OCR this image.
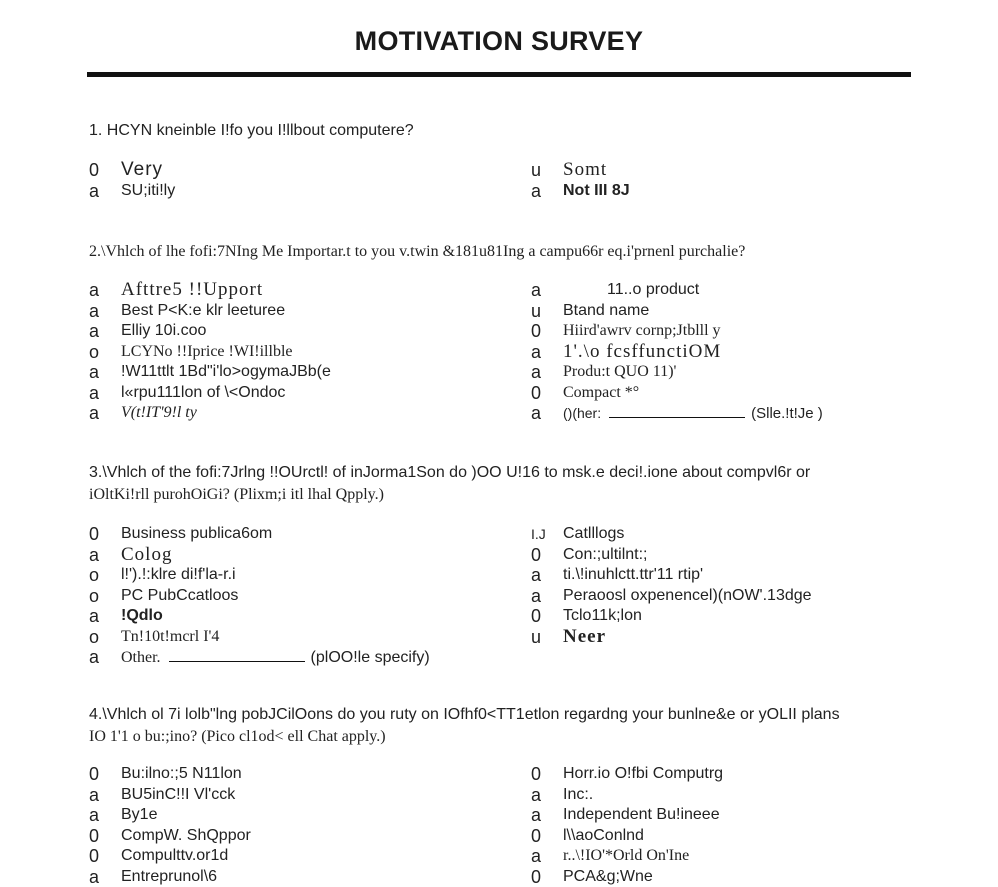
MOTIVATION SURVEY
1. HCYN kneinble I!fo you I!llbout computere?
0	Very
a	SU;iti!ly
u	Somt
a	Not III 8J
2.\Vhlch of lhe fofi:7NIng Me Importar.t to you v.twin &181u81Ing a campu66r eq.i'prnenl purchalie?
a	Afttre5 !!Upport
a	Best P<K:e klr leeturee
a	Elliy 10i.coo
o	LCYNo !!Iprice !WI!illble
a	!W11ttlt 1Bd"i'lo>ogymaJBb(e
a	l«rpu111lon of \<Ondoc
a	V(t!IT'9!l ty
a	11..o product
u	Btand name
0	Hiird'awrv cornp;Jtblll y
a	1'.\o fcsffunctiOM
a	Produ:t QUO 11)'
0	Compact *°
a	()(her:	(Slle.!t!Je )
3.\Vhlch of the fofi:7Jrlng !!OUrctl! of inJorma1Son do )OO U!16 to msk.e deci!.ione about compvl6r or
iOltKi!rll purohOiGi? (Plixm;i itl lhal Qpply.)
0	Business publica6om
a	Colog
o	l!').!:klre di!f'la-r.i
o	PC PubCcatloos
a	!Qdlo
o	Tn!10t!mcrl I'4
a	Other.	(plOO!le specify)
I.J	Catlllogs
0	Con:;ultilnt:;
a	ti.\!inuhlctt.ttr'11 rtip'
a	Peraoosl oxpenencel)(nOW'.13dge
0	Tclo11k;lon
u	Neer
4.\Vhlch ol 7i lolb"lng pobJCilOons do you ruty on IOfhf0<TT1etlon regardng your bunlne&e or yOLII plans
IO 1'1 o bu:;ino? (Pico cl1od< ell Chat apply.)
0	Bu:ilno:;5 N11lon
a	BU5inC!!I Vl'cck
a	By1e
0	CompW. ShQppor
0	Compulttv.or1d
a	Entreprunol\6
0	Horr.io O!fbi Computrg
a	Inc:.
a	Independent Bu!ineee
0	l\\aoConlnd
a	r..\!IO'*Orld On'Ine
0	PCA&g;Wne
